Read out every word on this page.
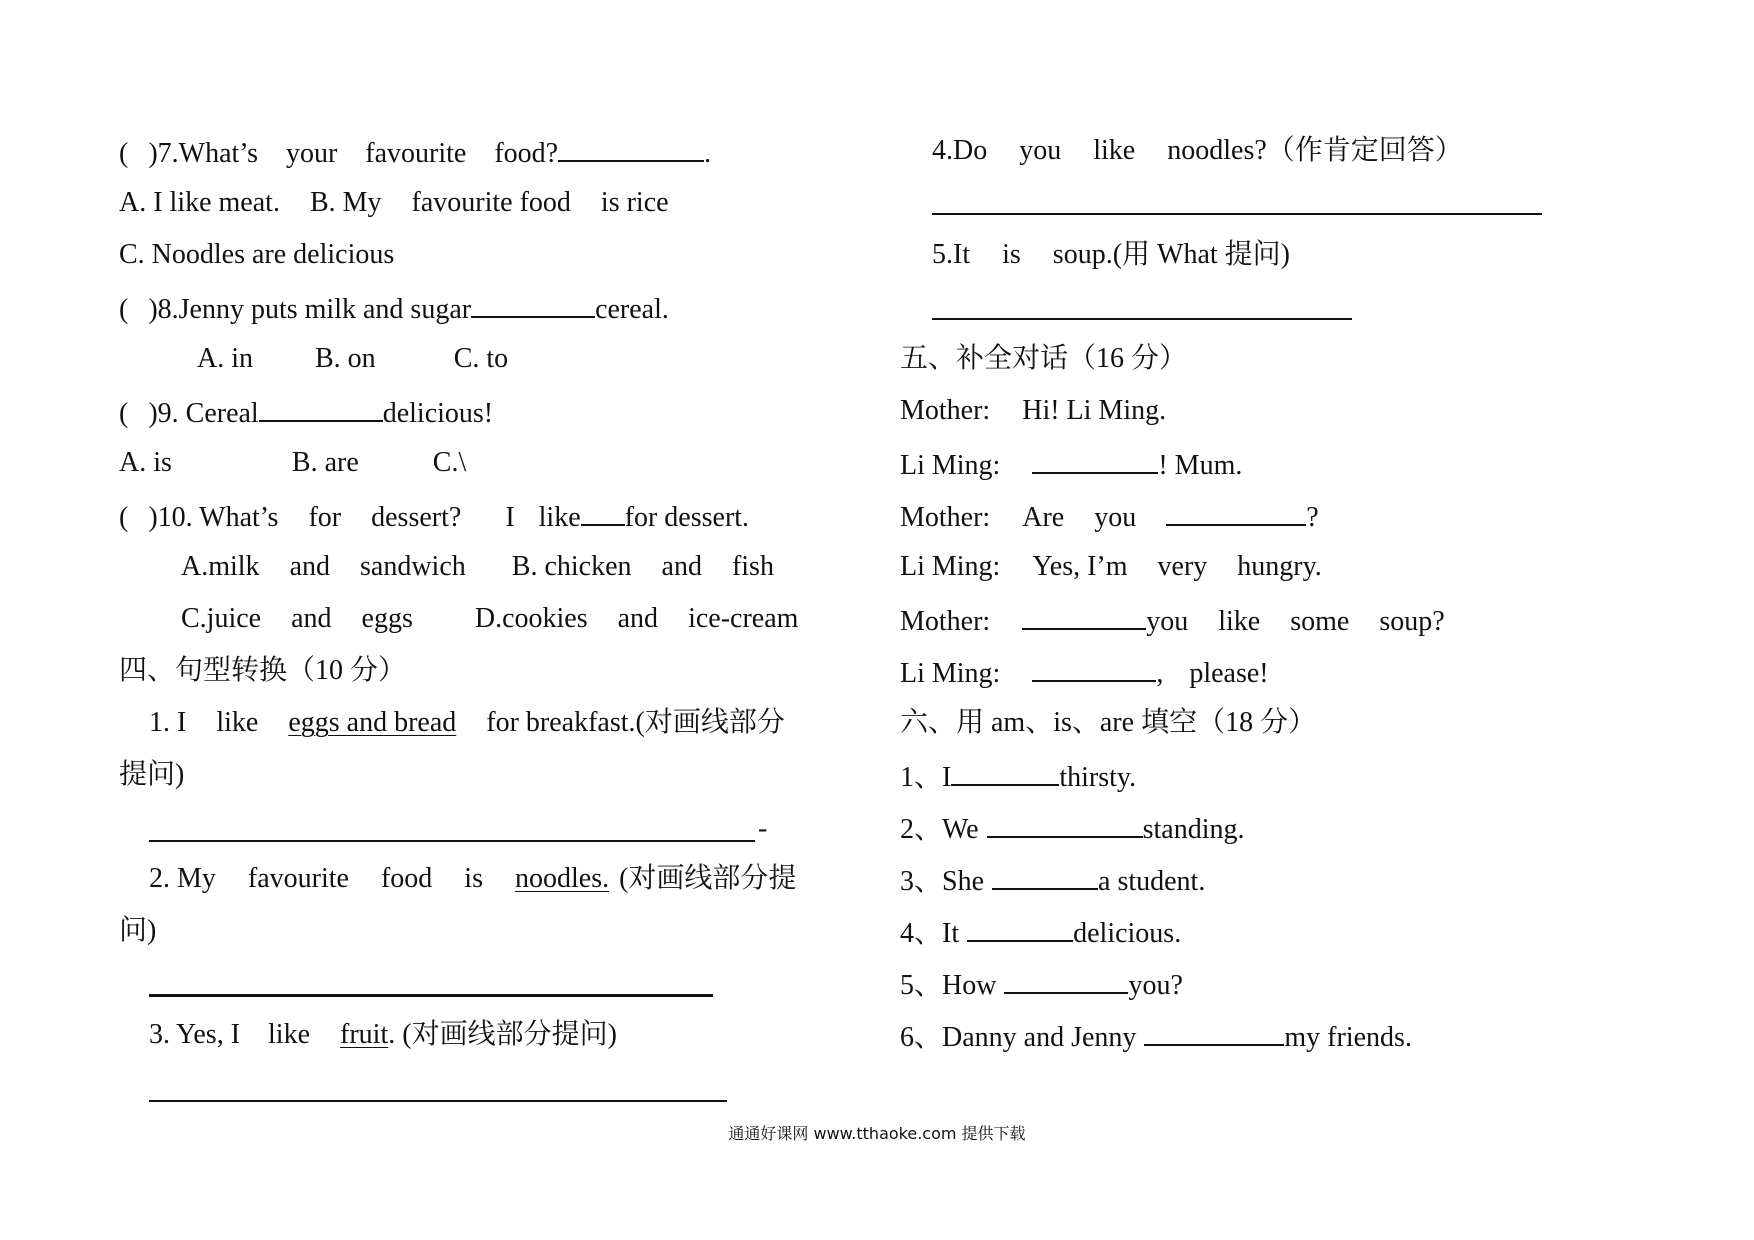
( )7.What’s your favourite food?	.
A. I like meat. B. My favourite food is rice
C. Noodles are delicious
( )8.Jenny puts milk and sugar	cereal.
A. in B. on	C. to
( )9. Cereal	delicious!
A. is	B. are	C.\
( )10. What’s for dessert? I like for dessert.
A.milk and sandwich B. chicken and fish
C.juice and eggs D.cookies and ice-cream
四、句型转换（10 分）
1. I like eggs and bread for breakfast.(对画线部分
提问)
-
2. My favourite food is noodles. (对画线部分提
问)
3. Yes, I like fruit. (对画线部分提问)
4.Do you like noodles?（作肯定回答）
5.It is soup.(用 What 提问)
五、补全对话（16 分）
Mother: Hi! Li Ming.
Li Ming:	! Mum.
Mother: Are you	?
Li Ming: Yes, I’m very hungry.
Mother:	you like some soup?
Li Ming:	, please!
六、用 am、is、are 填空（18 分）
1、I	thirsty.
2、We	standing.
3、She	a student.
4、It	delicious.
5、How	you?
6、Danny and Jenny	my friends.
通通好课网 www.tthaoke.com 提供下载
